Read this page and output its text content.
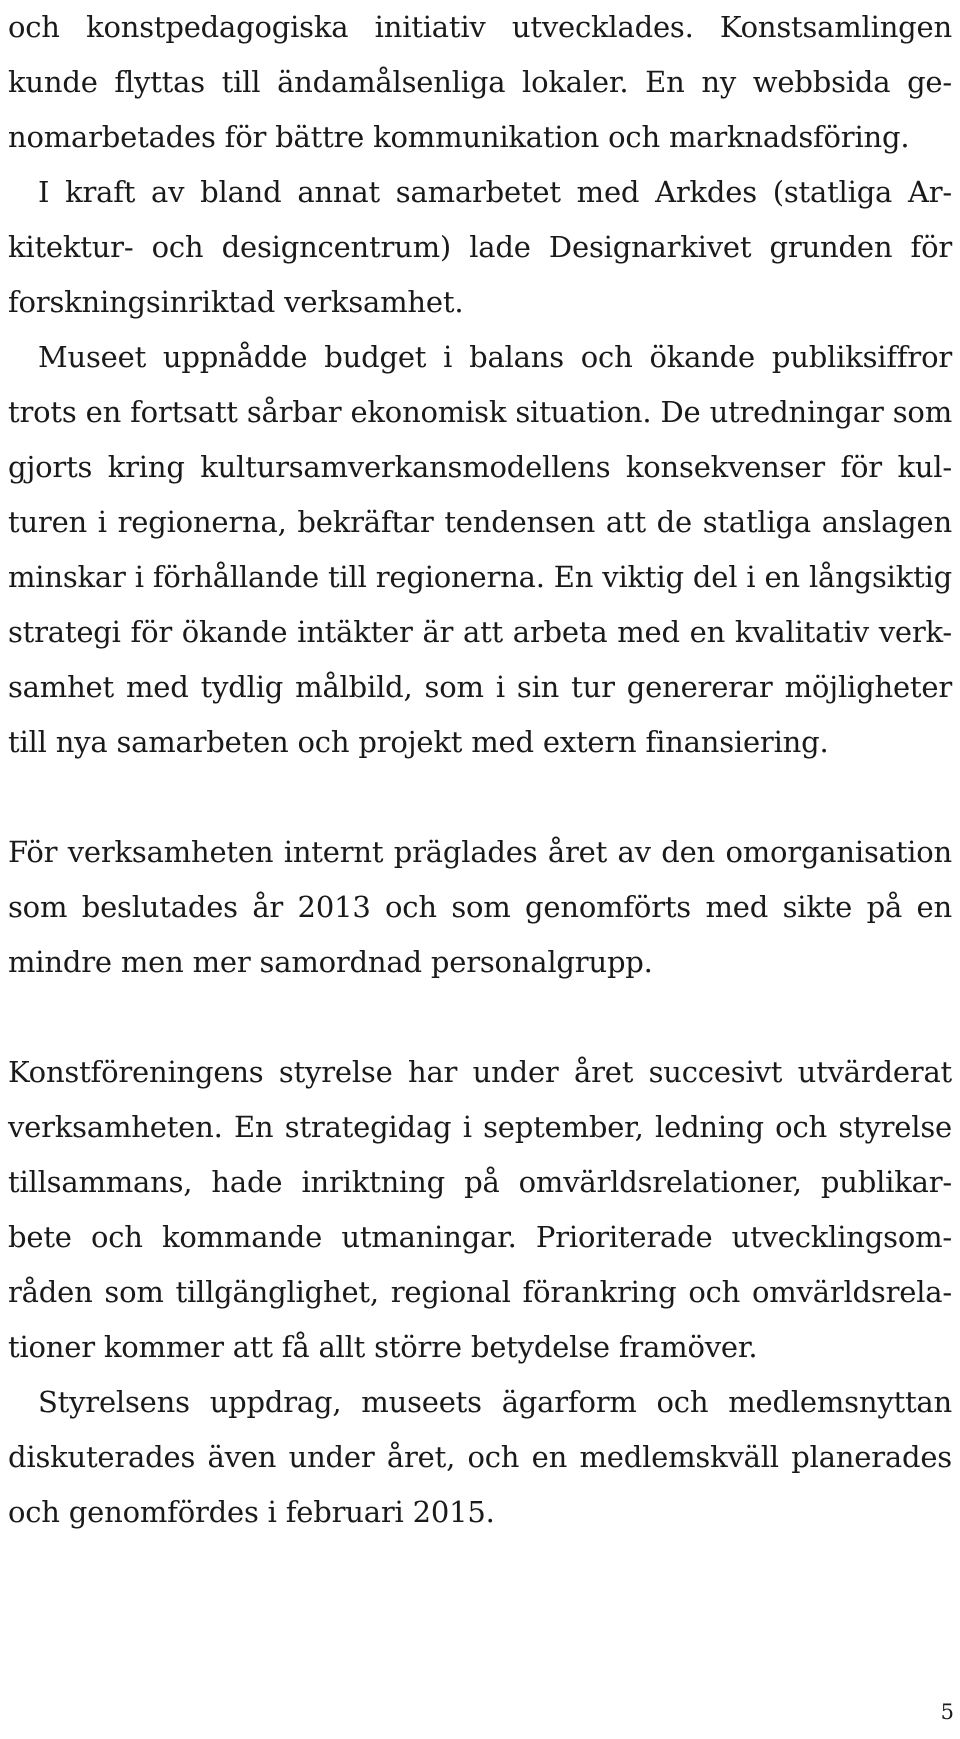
och konstpedagogiska initiativ utvecklades. Konstsamlingen
kunde flyttas till ändamålsenliga lokaler. En ny webbsida ge-
nomarbetades för bättre kommunikation och marknadsföring.
I kraft av bland annat samarbetet med Arkdes (statliga Ar-
kitektur- och designcentrum) lade Designarkivet grunden för
forskningsinriktad verksamhet.
Museet uppnådde budget i balans och ökande publiksiffror
trots en fortsatt sårbar ekonomisk situation. De utredningar som
gjorts kring kultursamverkansmodellens konsekvenser för kul-
turen i regionerna, bekräftar tendensen att de statliga anslagen
minskar i förhållande till regionerna. En viktig del i en långsiktig
strategi för ökande intäkter är att arbeta med en kvalitativ verk-
samhet med tydlig målbild, som i sin tur genererar möjligheter
till nya samarbeten och projekt med extern finansiering.
För verksamheten internt präglades året av den omorganisation
som beslutades år 2013 och som genomförts med sikte på en
mindre men mer samordnad personalgrupp.
Konstföreningens styrelse har under året succesivt utvärderat
verksamheten. En strategidag i september, ledning och styrelse
tillsammans, hade inriktning på omvärldsrelationer, publikar-
bete och kommande utmaningar. Prioriterade utvecklingsom-
råden som tillgänglighet, regional förankring och omvärldsrela-
tioner kommer att få allt större betydelse framöver.
Styrelsens uppdrag, museets ägarform och medlemsnyttan
diskuterades även under året, och en medlemskväll planerades
och genomfördes i februari 2015.
5
